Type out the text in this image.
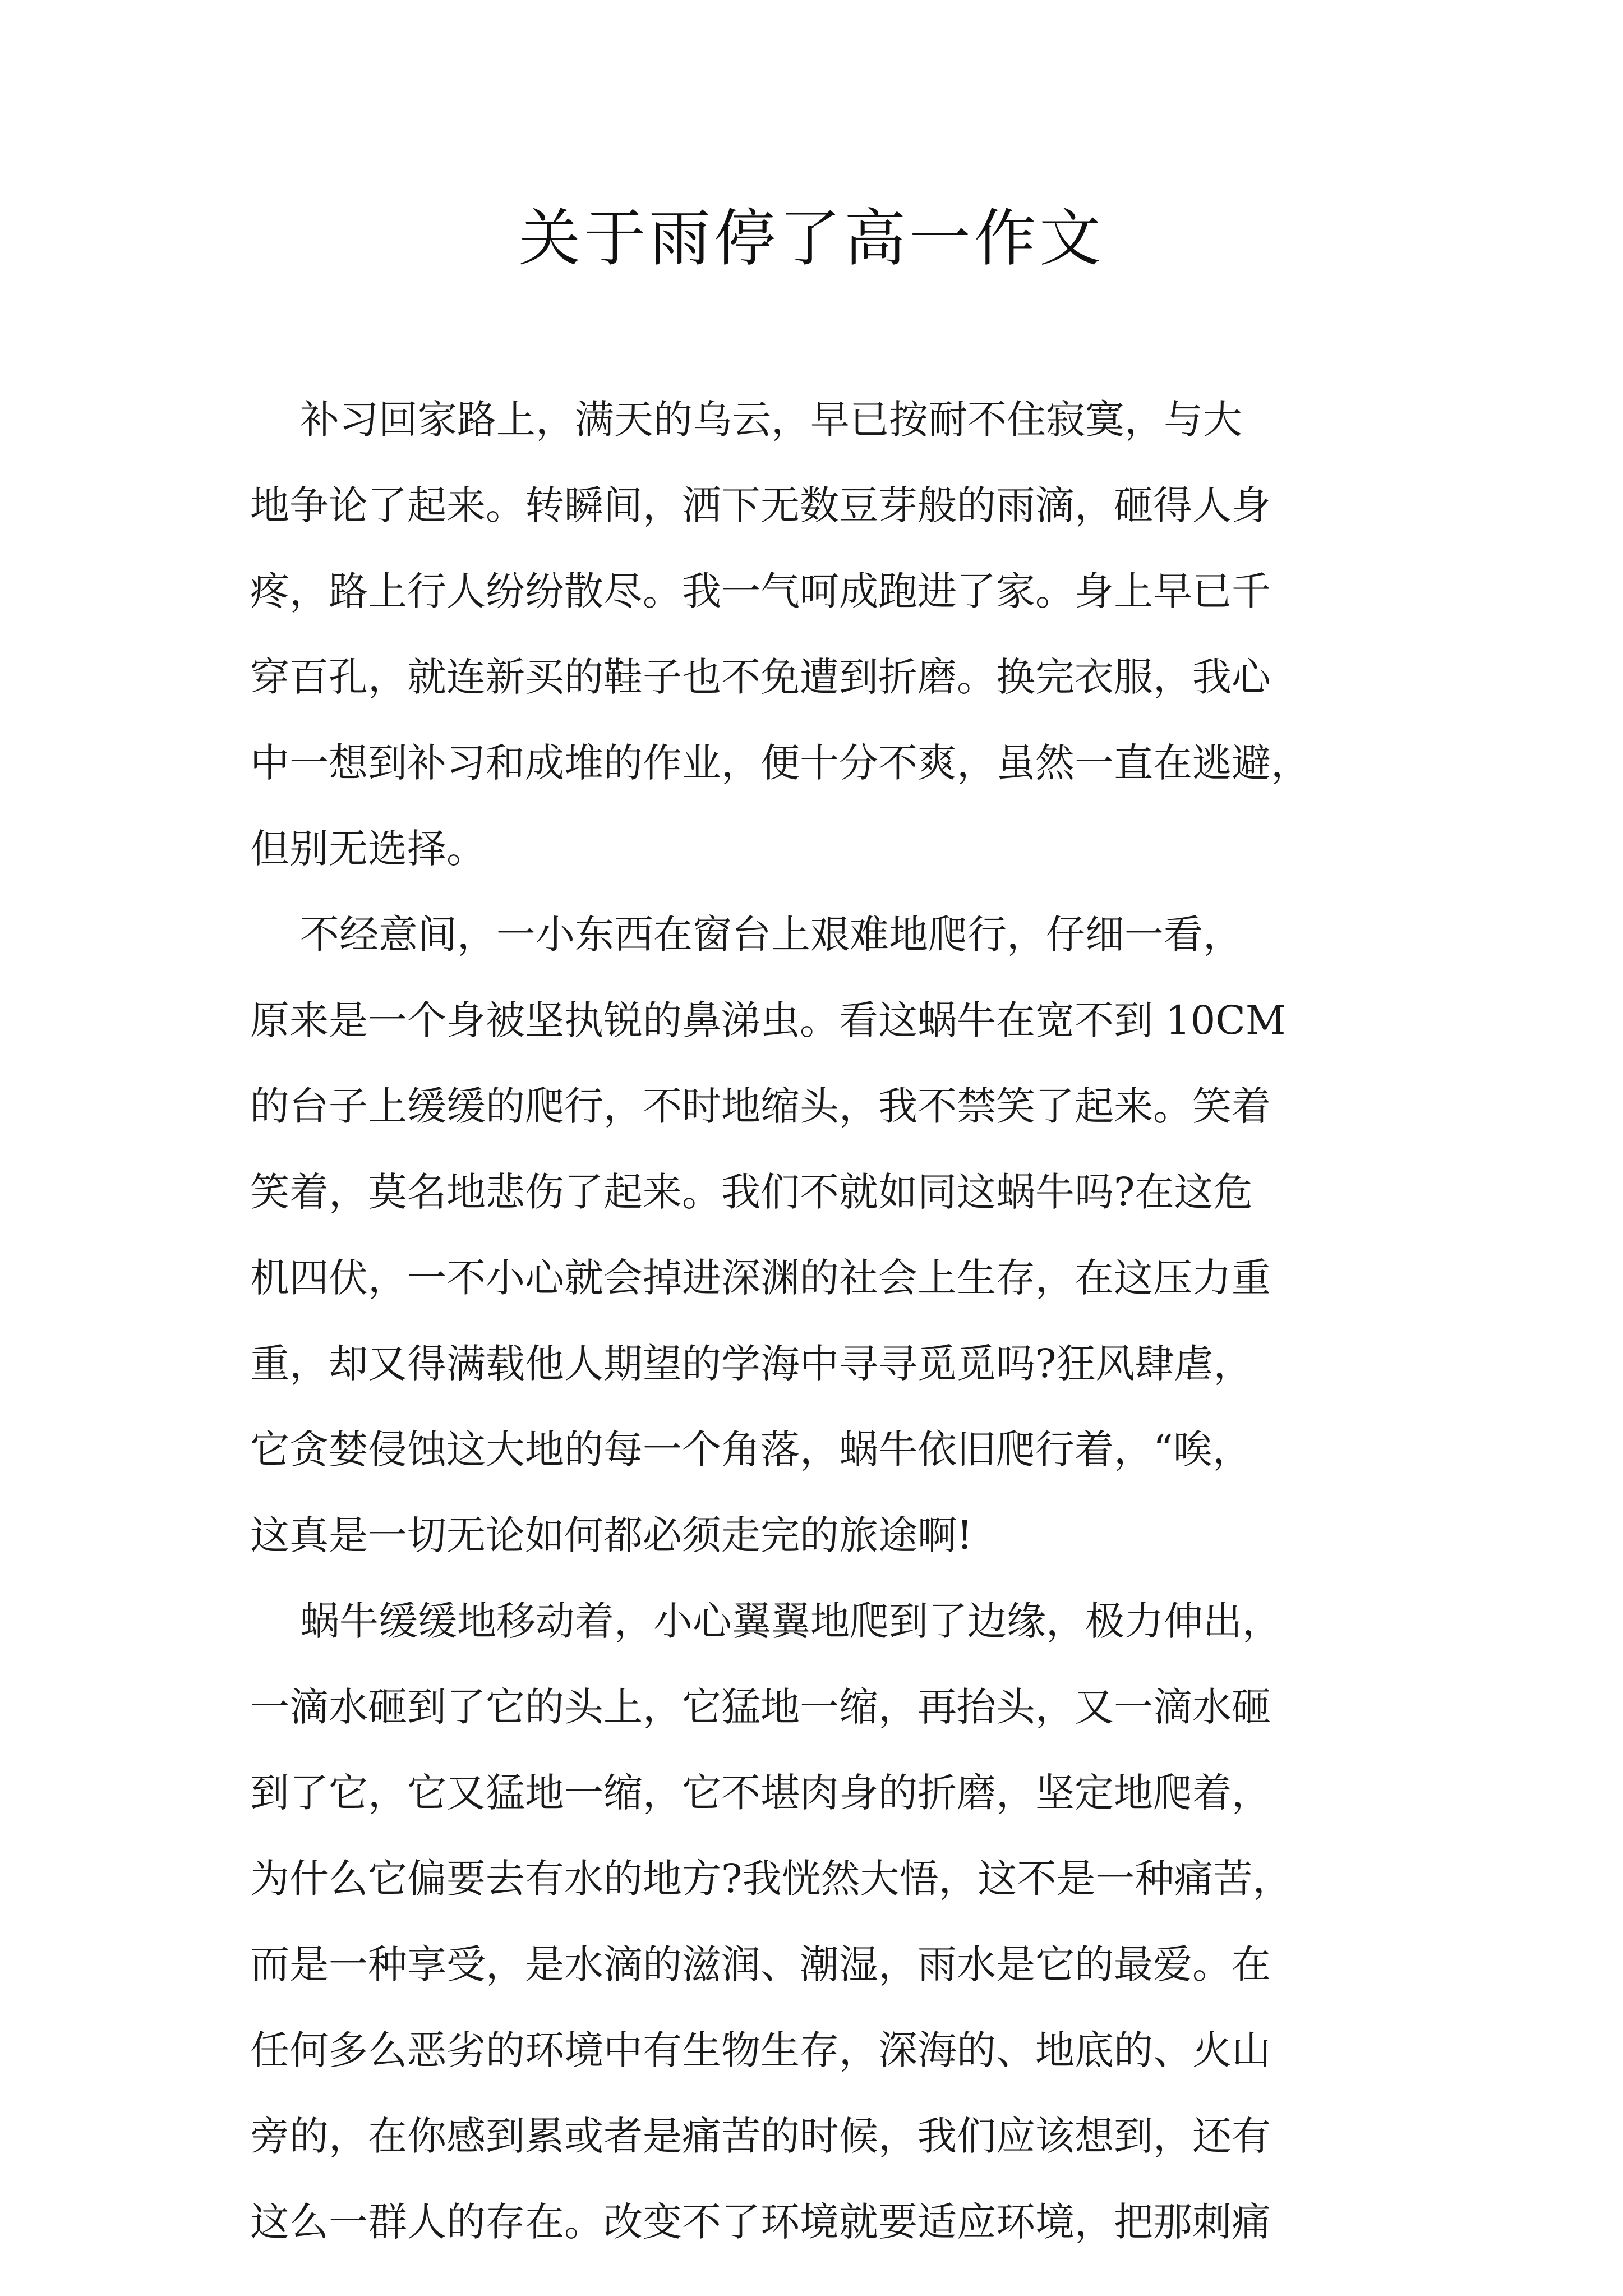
关于雨停了高一作文
补习回家路上，满天的乌云，早已按耐不住寂寞，与大
地争论了起来。转瞬间，洒下无数豆芽般的雨滴，砸得人身
疼，路上行人纷纷散尽。我一气呵成跑进了家。身上早已千
穿百孔，就连新买的鞋子也不免遭到折磨。换完衣服，我心
中一想到补习和成堆的作业，便十分不爽，虽然一直在逃避，
但别无选择。
不经意间，一小东西在窗台上艰难地爬行，仔细一看，
原来是一个身被坚执锐的鼻涕虫。看这蜗牛在宽不到 10CM
的台子上缓缓的爬行，不时地缩头，我不禁笑了起来。笑着
笑着，莫名地悲伤了起来。我们不就如同这蜗牛吗?在这危
机四伏，一不小心就会掉进深渊的社会上生存，在这压力重
重，却又得满载他人期望的学海中寻寻觅觅吗?狂风肆虐，
它贪婪侵蚀这大地的每一个角落，蜗牛依旧爬行着，“唉，
这真是一切无论如何都必须走完的旅途啊!
蜗牛缓缓地移动着，小心翼翼地爬到了边缘，极力伸出，
一滴水砸到了它的头上，它猛地一缩，再抬头，又一滴水砸
到了它，它又猛地一缩，它不堪肉身的折磨，坚定地爬着，
为什么它偏要去有水的地方?我恍然大悟，这不是一种痛苦，
而是一种享受，是水滴的滋润、潮湿，雨水是它的最爱。在
任何多么恶劣的环境中有生物生存，深海的、地底的、火山
旁的，在你感到累或者是痛苦的时候，我们应该想到，还有
这么一群人的存在。改变不了环境就要适应环境，把那刺痛
